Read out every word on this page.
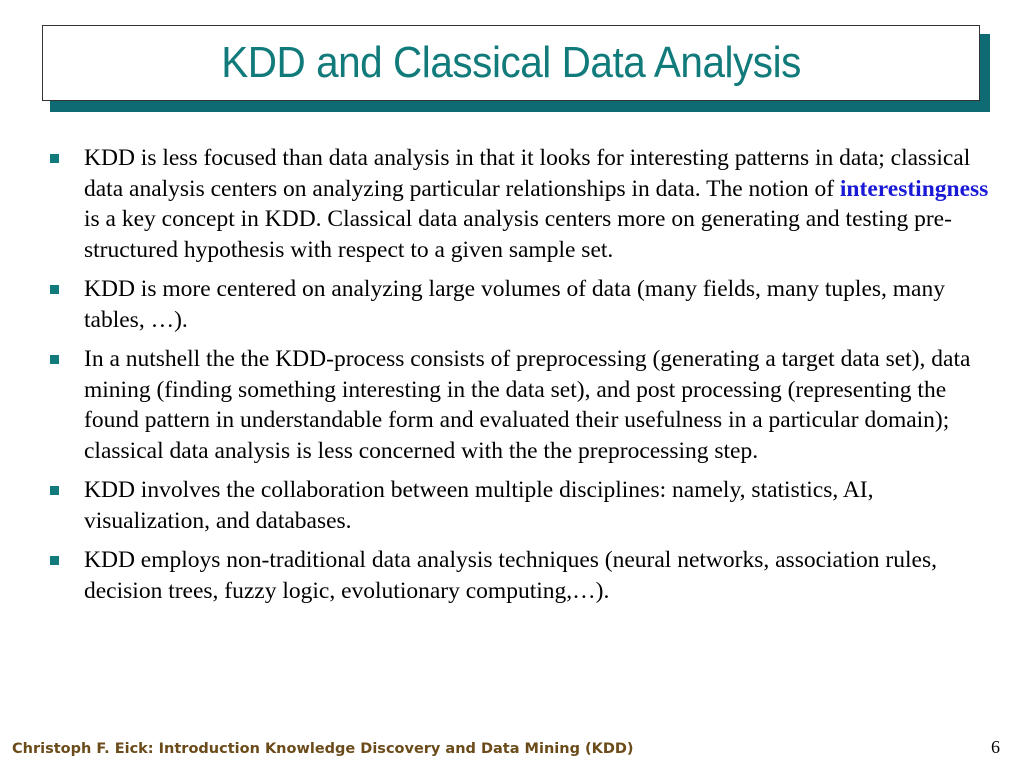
KDD and Classical Data Analysis
KDD is less focused than data analysis in that it looks for interesting patterns in data; classical data analysis centers on analyzing particular relationships in data. The notion of interestingness is a key concept in KDD. Classical data analysis centers more on generating and testing pre-structured hypothesis with respect to a given sample set.
KDD is more centered on analyzing large volumes of data (many fields, many tuples, many tables, …).
In a nutshell the the KDD-process consists of preprocessing (generating a target data set), data mining (finding something interesting in the data set), and post processing (representing the found pattern in understandable form and evaluated their usefulness in a particular domain); classical data analysis is less concerned with the the preprocessing step.
KDD involves the collaboration between multiple disciplines: namely, statistics, AI, visualization, and databases.
KDD employs non-traditional data analysis techniques (neural networks, association rules, decision trees, fuzzy logic, evolutionary computing,…).
Christoph F. Eick: Introduction Knowledge Discovery and Data Mining (KDD)	6
